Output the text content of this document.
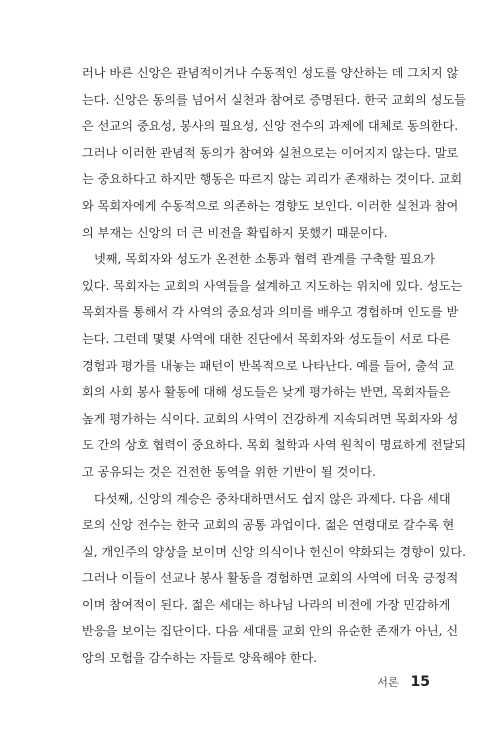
러나 바른 신앙은 관념적이거나 수동적인 성도를 양산하는 데 그치지 않
는다. 신앙은 동의를 넘어서 실천과 참여로 증명된다. 한국 교회의 성도들
은 선교의 중요성, 봉사의 필요성, 신앙 전수의 과제에 대체로 동의한다.
그러나 이러한 관념적 동의가 참여와 실천으로는 이어지지 않는다. 말로
는 중요하다고 하지만 행동은 따르지 않는 괴리가 존재하는 것이다. 교회
와 목회자에게 수동적으로 의존하는 경향도 보인다. 이러한 실천과 참여
의 부재는 신앙의 더 큰 비전을 확립하지 못했기 때문이다.
넷째, 목회자와 성도가 온전한 소통과 협력 관계를 구축할 필요가
있다. 목회자는 교회의 사역들을 설계하고 지도하는 위치에 있다. 성도는
목회자를 통해서 각 사역의 중요성과 의미를 배우고 경험하며 인도를 받
는다. 그런데 몇몇 사역에 대한 진단에서 목회자와 성도들이 서로 다른
경험과 평가를 내놓는 패턴이 반복적으로 나타난다. 예를 들어, 출석 교
회의 사회 봉사 활동에 대해 성도들은 낮게 평가하는 반면, 목회자들은
높게 평가하는 식이다. 교회의 사역이 건강하게 지속되려면 목회자와 성
도 간의 상호 협력이 중요하다. 목회 철학과 사역 원칙이 명료하게 전달되
고 공유되는 것은 건전한 동역을 위한 기반이 될 것이다.
다섯째, 신앙의 계승은 중차대하면서도 쉽지 않은 과제다. 다음 세대
로의 신앙 전수는 한국 교회의 공통 과업이다. 젊은 연령대로 갈수록 현
실, 개인주의 양상을 보이며 신앙 의식이나 헌신이 약화되는 경향이 있다.
그러나 이들이 선교나 봉사 활동을 경험하면 교회의 사역에 더욱 긍정적
이며 참여적이 된다. 젊은 세대는 하나님 나라의 비전에 가장 민감하게
반응을 보이는 집단이다. 다음 세대를 교회 안의 유순한 존재가 아닌, 신
앙의 모험을 감수하는 자들로 양육해야 한다.
서론 15
